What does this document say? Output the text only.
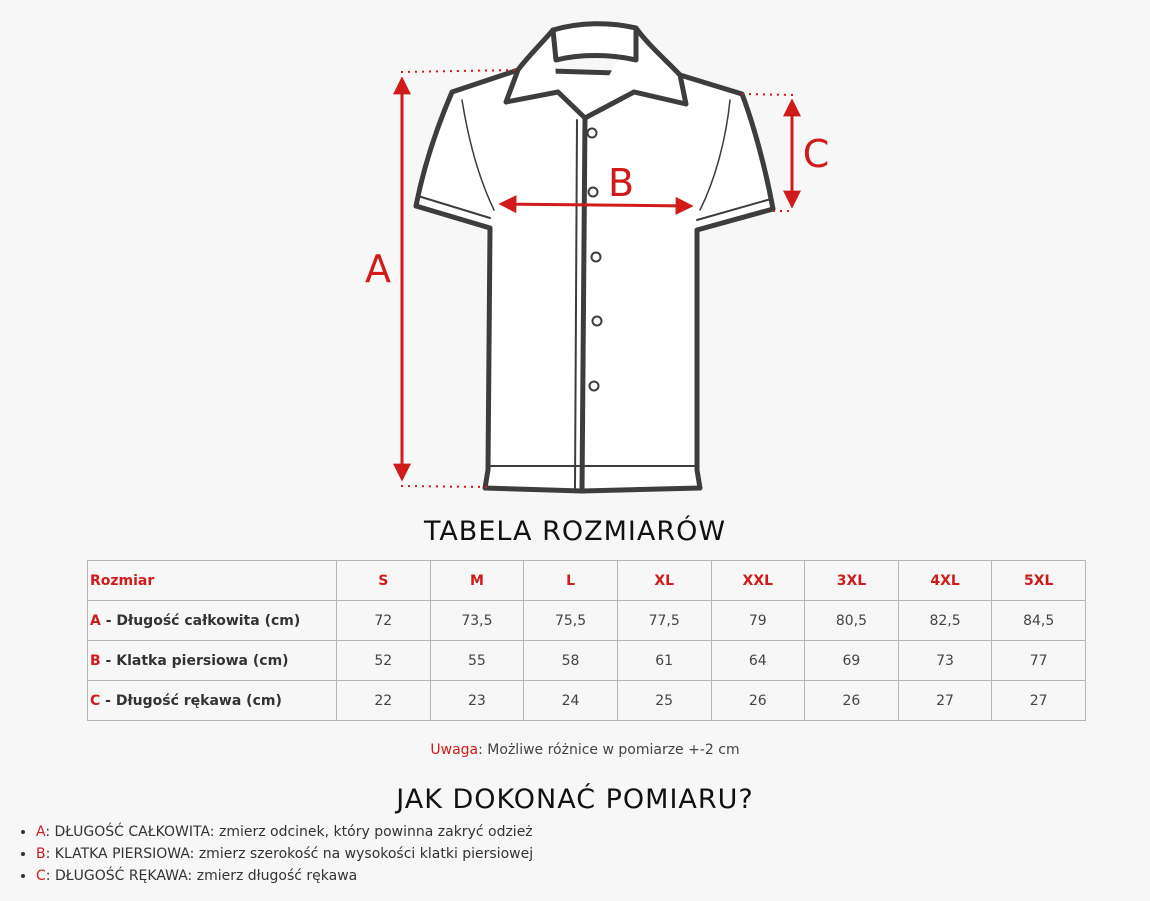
A
B
C
TABELA ROZMIARÓW
Rozmiar	S	M	L	XL	XXL	3XL	4XL	5XL
A - Długość całkowita (cm)	72	73,5	75,5	77,5	79	80,5	82,5	84,5
B - Klatka piersiowa (cm)	52	55	58	61	64	69	73	77
C - Długość rękawa (cm)	22	23	24	25	26	26	27	27
Uwaga: Możliwe różnice w pomiarze +-2 cm
JAK DOKONAĆ POMIARU?
• A: DŁUGOŚĆ CAŁKOWITA: zmierz odcinek, który powinna zakryć odzież
• B: KLATKA PIERSIOWA: zmierz szerokość na wysokości klatki piersiowej
• C: DŁUGOŚĆ RĘKAWA: zmierz długość rękawa
